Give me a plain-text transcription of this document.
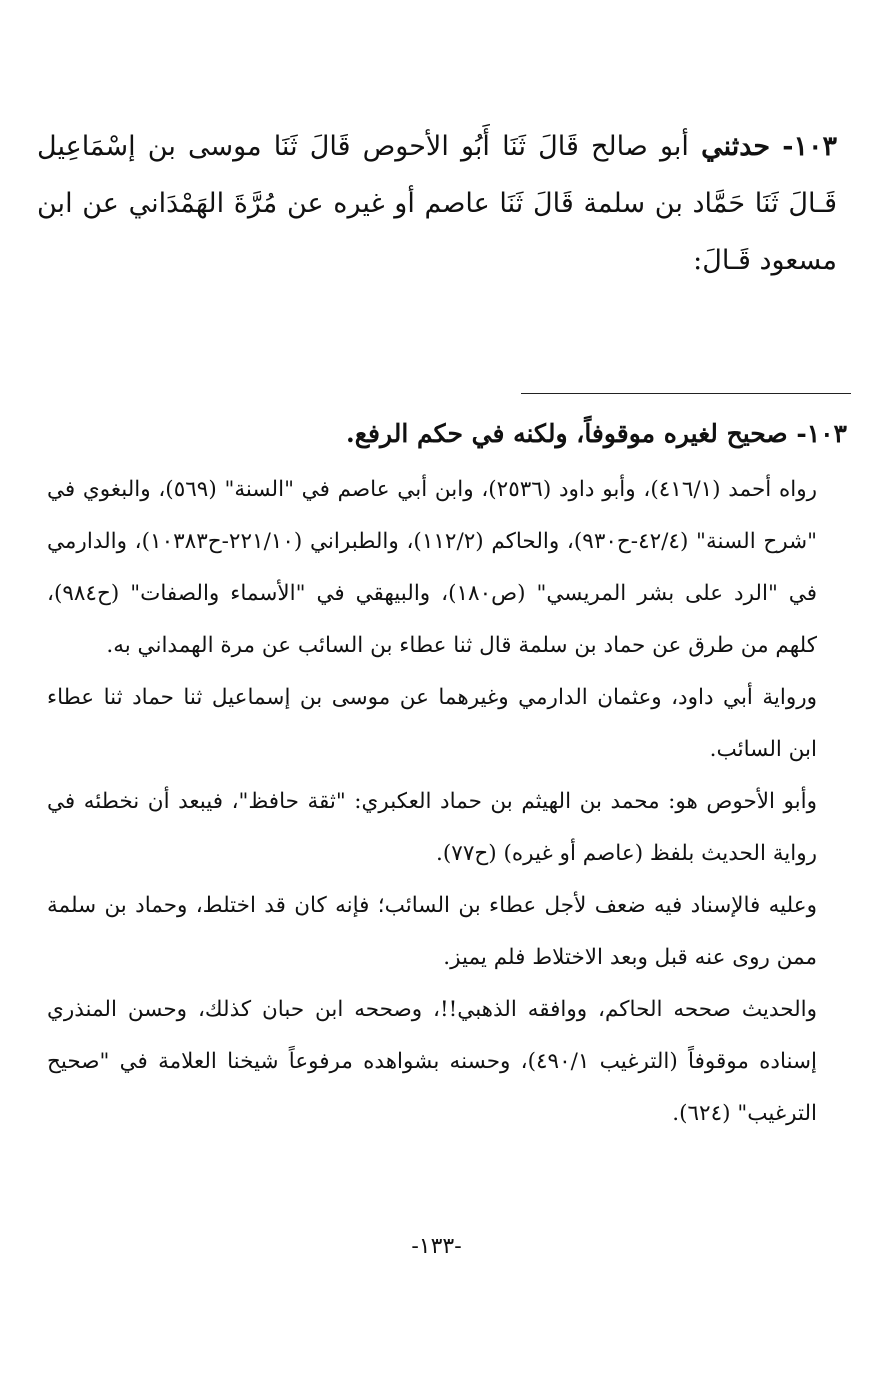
١٠٣- حدثني أبو صالح قَالَ ثَنَا أَبُو الأحوص قَالَ ثَنَا موسى بن إسْمَاعِيل قَـالَ ثَنَا حَمَّاد بن سلمة قَالَ ثَنَا عاصم أو غيره عن مُرَّةَ الهَمْدَاني عن ابن مسعود قَـالَ:

١٠٣- صحيح لغيره موقوفاً، ولكنه في حكم الرفع.

رواه أحمد (٤١٦/١)، وأبو داود (٢٥٣٦)، وابن أبي عاصم في "السنة" (٥٦٩)، والبغوي في "شرح السنة" (٤٢/٤-ح٩٣٠)، والحاكم (١١٢/٢)، والطبراني (٢٢١/١٠-ح١٠٣٨٣)، والدارمي في "الرد على بشر المريسي" (ص١٨٠)، والبيهقي في "الأسماء والصفات" (ح٩٨٤)، كلهم من طرق عن حماد بن سلمة قال ثنا عطاء بن السائب عن مرة الهمداني به.

ورواية أبي داود، وعثمان الدارمي وغيرهما عن موسى بن إسماعيل ثنا حماد ثنا عطاء ابن السائب.

وأبو الأحوص هو: محمد بن الهيثم بن حماد العكبري: "ثقة حافظ"، فيبعد أن نخطئه في رواية الحديث بلفظ (عاصم أو غيره) (ح٧٧).

وعليه فالإسناد فيه ضعف لأجل عطاء بن السائب؛ فإنه كان قد اختلط، وحماد بن سلمة ممن روى عنه قبل وبعد الاختلاط فلم يميز.

والحديث صححه الحاكم، ووافقه الذهبي!!، وصححه ابن حبان كذلك، وحسن المنذري إسناده موقوفاً (الترغيب ٤٩٠/١)، وحسنه بشواهده مرفوعاً شيخنا العلامة في "صحيح الترغيب" (٦٢٤).

-١٣٣-
